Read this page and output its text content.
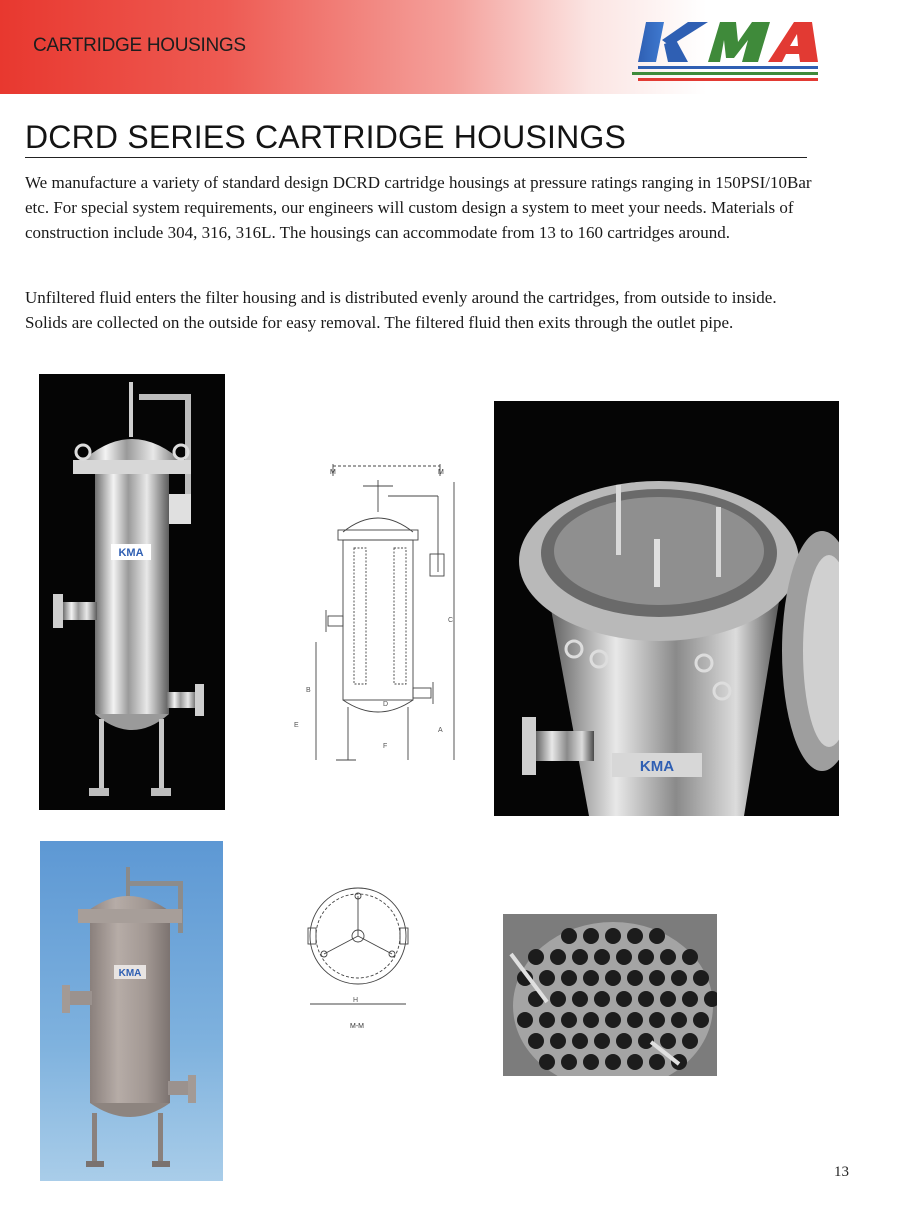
CARTRIDGE HOUSINGS
KMA
DCRD SERIES CARTRIDGE HOUSINGS

We manufacture a variety of standard design DCRD cartridge housings at pressure ratings ranging in 150PSI/10Bar etc. For special system requirements, our engineers will custom design a system to meet your needs. Materials of construction include 304, 316, 316L. The housings can accommodate from 13 to 160 cartridges around.

Unfiltered fluid enters the filter housing and is distributed evenly around the cartridges, from outside to inside. Solids are collected on the outside for easy removal. The filtered fluid then exits through the outlet pipe.

KMA
M	M
C
A
B
E
D
F
KMA
KMA
H
M-M
13
